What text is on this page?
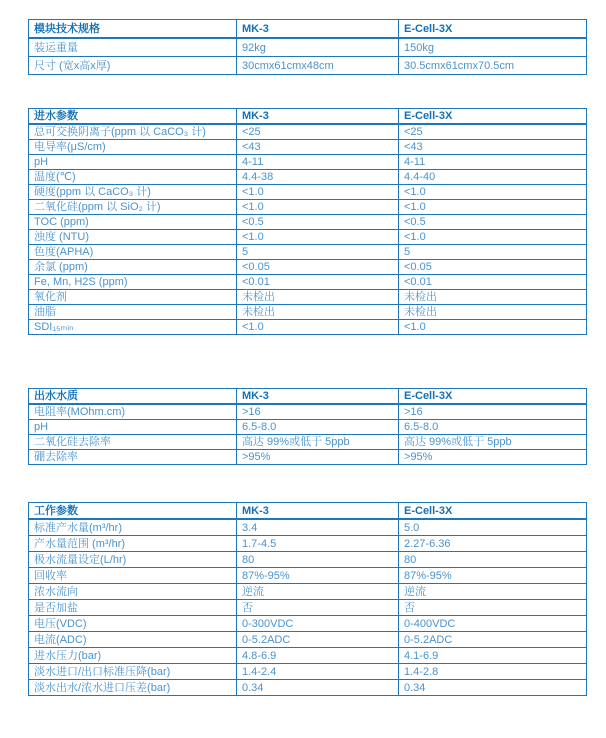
模块技术规格	MK-3	E-Cell-3X
装运重量	92kg	150kg
尺寸 (宽x高x厚)	30cmx61cmx48cm	30.5cmx61cmx70.5cm
进水参数	MK-3	E-Cell-3X
总可交换阴离子(ppm 以 CaCO₃ 计)	<25	<25
电导率(μS/cm)	<43	<43
pH	4-11	4-11
温度(℃)	4.4-38	4.4-40
硬度(ppm 以 CaCO₃ 计)	<1.0	<1.0
二氧化硅(ppm 以 SiO₂ 计)	<1.0	<1.0
TOC (ppm)	<0.5	<0.5
浊度 (NTU)	<1.0	<1.0
色度(APHA)	5	5
余氯 (ppm)	<0.05	<0.05
Fe, Mn, H2S (ppm)	<0.01	<0.01
氧化剂	未检出	未检出
油脂	未检出	未检出
SDI₁₅ₘᵢₙ	<1.0	<1.0
出水水质	MK-3	E-Cell-3X
电阻率(MOhm.cm)	>16	>16
pH	6.5-8.0	6.5-8.0
二氧化硅去除率	高达 99%或低于 5ppb	高达 99%或低于 5ppb
硼去除率	>95%	>95%
工作参数	MK-3	E-Cell-3X
标准产水量(m³/hr)	3.4	5.0
产水量范围 (m³/hr)	1.7-4.5	2.27-6.36
极水流量设定(L/hr)	80	80
回收率	87%-95%	87%-95%
浓水流向	逆流	逆流
是否加盐	否	否
电压(VDC)	0-300VDC	0-400VDC
电流(ADC)	0-5.2ADC	0-5.2ADC
进水压力(bar)	4.8-6.9	4.1-6.9
淡水进口/出口标准压降(bar)	1.4-2.4	1.4-2.8
淡水出水/浓水进口压差(bar)	0.34	0.34
